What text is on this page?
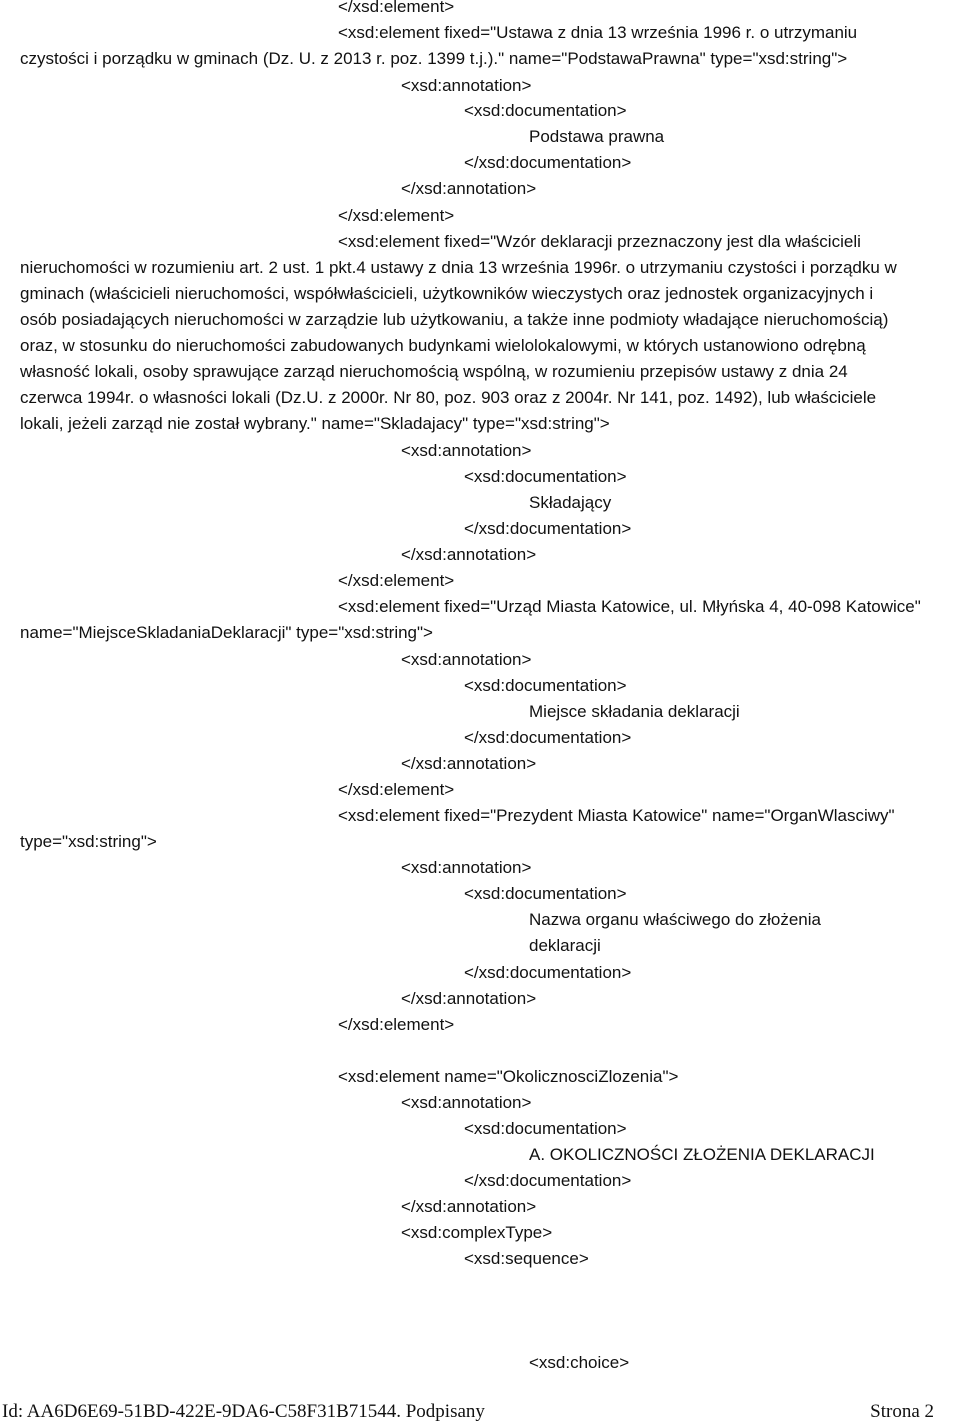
</xsd:element>
<xsd:element fixed="Ustawa z dnia 13 września 1996 r. o utrzymaniu
czystości i porządku w gminach (Dz. U. z 2013 r. poz. 1399 t.j.)." name="PodstawaPrawna" type="xsd:string">
<xsd:annotation>
<xsd:documentation>
Podstawa prawna
</xsd:documentation>
</xsd:annotation>
</xsd:element>
<xsd:element fixed="Wzór deklaracji przeznaczony jest dla właścicieli
nieruchomości w rozumieniu art. 2 ust. 1 pkt.4 ustawy z dnia 13 września 1996r. o utrzymaniu czystości i porządku w
gminach (właścicieli nieruchomości, współwłaścicieli, użytkowników wieczystych oraz jednostek organizacyjnych i
osób posiadających nieruchomości w zarządzie lub użytkowaniu, a także inne podmioty władające nieruchomością)
oraz, w stosunku do nieruchomości zabudowanych budynkami wielolokalowymi, w których ustanowiono odrębną
własność lokali, osoby sprawujące zarząd nieruchomością wspólną, w rozumieniu przepisów ustawy z dnia 24
czerwca 1994r. o własności lokali (Dz.U. z 2000r. Nr 80, poz. 903 oraz z 2004r. Nr 141, poz. 1492), lub właściciele
lokali, jeżeli zarząd nie został wybrany." name="Skladajacy" type="xsd:string">
<xsd:annotation>
<xsd:documentation>
Składający
</xsd:documentation>
</xsd:annotation>
</xsd:element>
<xsd:element fixed="Urząd Miasta Katowice, ul. Młyńska 4, 40-098 Katowice"
name="MiejsceSkladaniaDeklaracji" type="xsd:string">
<xsd:annotation>
<xsd:documentation>
Miejsce składania deklaracji
</xsd:documentation>
</xsd:annotation>
</xsd:element>
<xsd:element fixed="Prezydent Miasta Katowice" name="OrganWlasciwy"
type="xsd:string">
<xsd:annotation>
<xsd:documentation>
Nazwa organu właściwego do złożenia
deklaracji
</xsd:documentation>
</xsd:annotation>
</xsd:element>
<xsd:element name="OkolicznosciZlozenia">
<xsd:annotation>
<xsd:documentation>
A. OKOLICZNOŚCI ZŁOŻENIA DEKLARACJI
</xsd:documentation>
</xsd:annotation>
<xsd:complexType>
<xsd:sequence>
<xsd:choice>
Id: AA6D6E69-51BD-422E-9DA6-C58F31B71544. Podpisany	Strona 2
